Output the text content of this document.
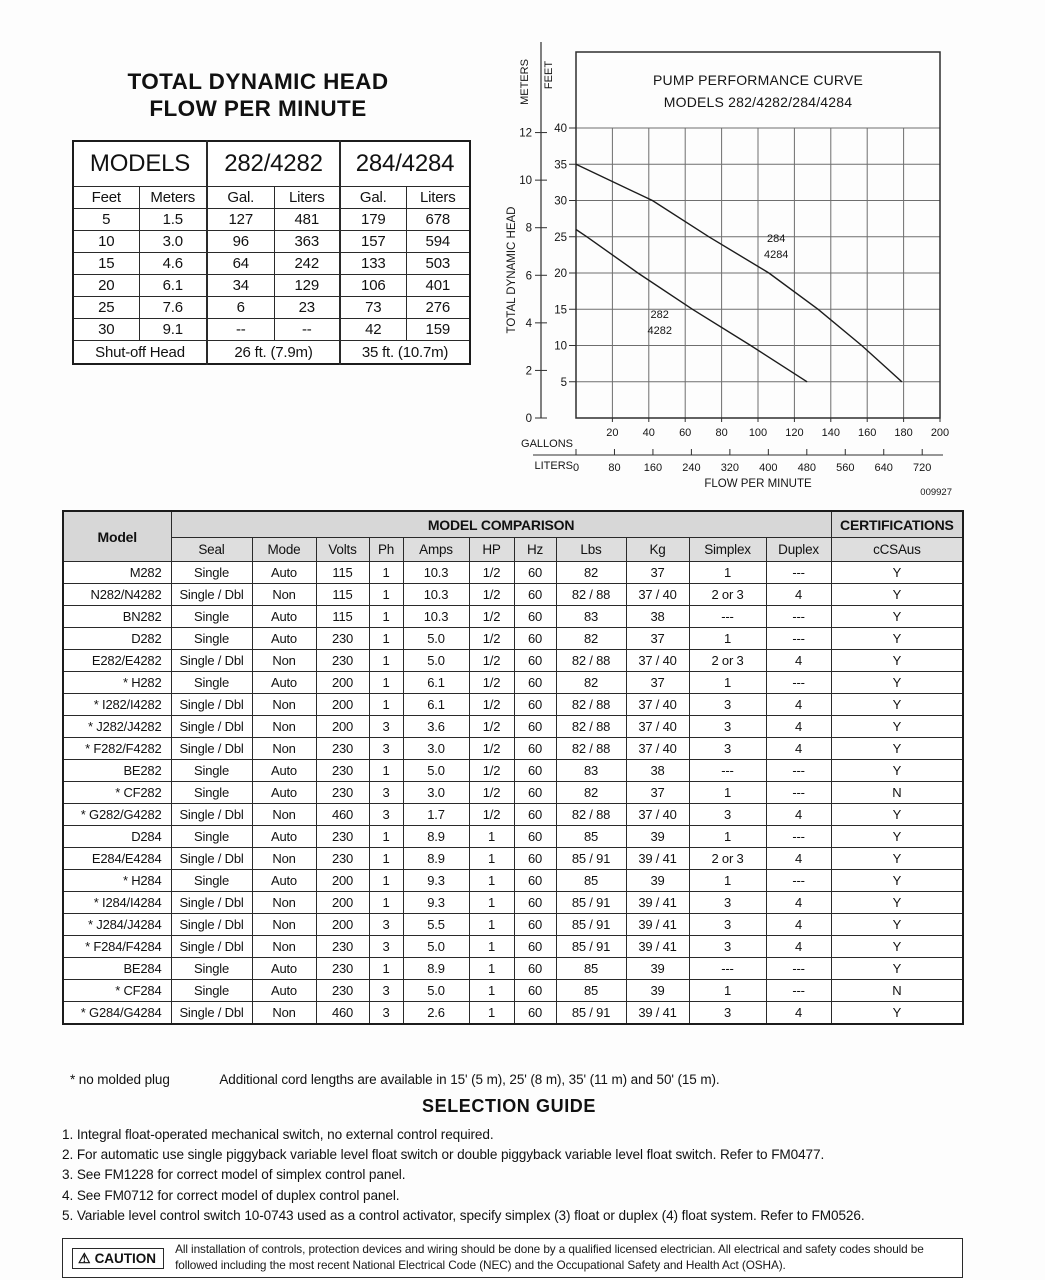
TOTAL DYNAMIC HEAD
FLOW PER MINUTE
MODELS		282/4282		284/4284	
Feet	Meters	Gal.	Liters	Gal.	Liters
5	1.5	127	481	179	678
10	3.0	96	363	157	594
15	4.6	64	242	133	503
20	6.1	34	129	106	401
25	7.6	6	23	73	276
30	9.1	--	--	42	159
Shut-off Head		26 ft. (7.9m)		35 ft. (10.7m)	
5
10
15
20
25
30
35
40
20 40 60 80 100 120 140 160 180 200
0
2
4
6
8
10
12
PUMP PERFORMANCE CURVE
MODELS 282/4282/284/4284
METERS FEET
TOTAL DYNAMIC HEAD	282
4282
284
4284
GALLONS
LITERS 0	80 160 240 320 400 480 560 640 720
FLOW PER MINUTE
009927
Model	MODEL COMPARISON											CERTIFICATIONS
	Seal	Mode	Volts	Ph	Amps	HP	Hz	Lbs	Kg	Simplex	Duplex	cCSAus
M282	Single	Auto	115	1	10.3	1/2	60	82	37	1	---	Y
N282/N4282	Single / Dbl	Non	115	1	10.3	1/2	60	82 / 88	37 / 40	2 or 3	4	Y
BN282	Single	Auto	115	1	10.3	1/2	60	83	38	---	---	Y
D282	Single	Auto	230	1	5.0	1/2	60	82	37	1	---	Y
E282/E4282	Single / Dbl	Non	230	1	5.0	1/2	60	82 / 88	37 / 40	2 or 3	4	Y
* H282	Single	Auto	200	1	6.1	1/2	60	82	37	1	---	Y
* I282/I4282	Single / Dbl	Non	200	1	6.1	1/2	60	82 / 88	37 / 40	3	4	Y
* J282/J4282	Single / Dbl	Non	200	3	3.6	1/2	60	82 / 88	37 / 40	3	4	Y
* F282/F4282	Single / Dbl	Non	230	3	3.0	1/2	60	82 / 88	37 / 40	3	4	Y
BE282	Single	Auto	230	1	5.0	1/2	60	83	38	---	---	Y
* CF282	Single	Auto	230	3	3.0	1/2	60	82	37	1	---	N
* G282/G4282	Single / Dbl	Non	460	3	1.7	1/2	60	82 / 88	37 / 40	3	4	Y
D284	Single	Auto	230	1	8.9	1	60	85	39	1	---	Y
E284/E4284	Single / Dbl	Non	230	1	8.9	1	60	85 / 91	39 / 41	2 or 3	4	Y
* H284	Single	Auto	200	1	9.3	1	60	85	39	1	---	Y
* I284/I4284	Single / Dbl	Non	200	1	9.3	1	60	85 / 91	39 / 41	3	4	Y
* J284/J4284	Single / Dbl	Non	200	3	5.5	1	60	85 / 91	39 / 41	3	4	Y
* F284/F4284	Single / Dbl	Non	230	3	5.0	1	60	85 / 91	39 / 41	3	4	Y
BE284	Single	Auto	230	1	8.9	1	60	85	39	---	---	Y
* CF284	Single	Auto	230	3	5.0	1	60	85	39	1	---	N
* G284/G4284	Single / Dbl	Non	460	3	2.6	1	60	85 / 91	39 / 41	3	4	Y
* no molded plug	Additional cord lengths are available in 15' (5 m), 25' (8 m), 35' (11 m) and 50' (15 m).
SELECTION GUIDE
1. Integral float-operated mechanical switch, no external control required.
2. For automatic use single piggyback variable level float switch or double piggyback variable level float switch. Refer to FM0477.
3. See FM1228 for correct model of simplex control panel.
4. See FM0712 for correct model of duplex control panel.
5. Variable level control switch 10-0743 used as a control activator, specify simplex (3) float or duplex (4) float system. Refer to FM0526.
⚠ CAUTION
All installation of controls, protection devices and wiring should be done by a qualified licensed electrician. All electrical and safety codes should be followed including the most recent National Electrical Code (NEC) and the Occupational Safety and Health Act (OSHA).
